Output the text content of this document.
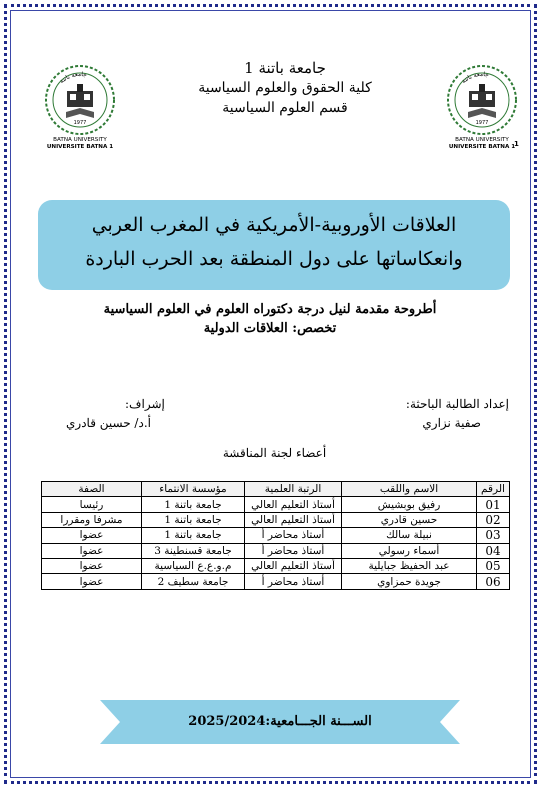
جامعة باتنة
1977
BATNA UNIVERSITY
UNIVERSITE BATNA 1
جامعة باتنة
1977
BATNA UNIVERSITY
UNIVERSITE BATNA 1
1
جامعة باتنة 1
كلية الحقوق والعلوم السياسية
قسم العلوم السياسية
العلاقات الأوروبية-الأمريكية في المغرب العربي
وانعكاساتها على دول المنطقة بعد الحرب الباردة
أطروحة مقدمة لنيل درجة دكتوراه العلوم في العلوم السياسية
تخصص: العلاقات الدولية
إعداد الطالبة الباحثة:
صفية نزاري
إشراف:
أ.د/ حسين قادري
أعضاء لجنة المناقشة
الرقم	الاسم واللقب	الرتبة العلمية	مؤسسة الانتماء	الصفة
01	رفيق بوبشيش	أستاذ التعليم العالي	جامعة باتنة 1	رئيسا
02	حسين قادري	أستاذ التعليم العالي	جامعة باتنة 1	مشرفا ومقررا
03	نبيلة سالك	أستاذ محاضر أ	جامعة باتنة 1	عضوا
04	أسماء رسولي	أستاذ محاضر أ	جامعة قسنطينة 3	عضوا
05	عبد الحفيظ جبايلية	أستاذ التعليم العالي	م.و.ع.ع السياسية	عضوا
06	جويدة حمزاوي	أستاذ محاضر أ	جامعة سطيف 2	عضوا
الســـنة الجـــامعية:2025/2024
